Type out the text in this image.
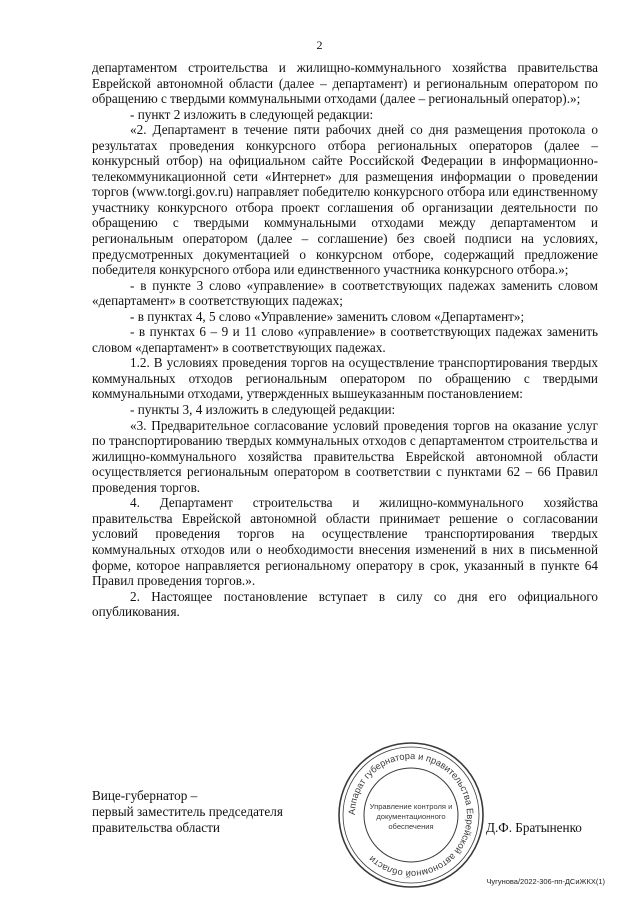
2

департаментом строительства и жилищно-коммунального хозяйства правительства Еврейской автономной области (далее – департамент) и региональным оператором по обращению с твердыми коммунальными отходами (далее – региональный оператор).»;

- пункт 2 изложить в следующей редакции:

«2. Департамент в течение пяти рабочих дней со дня размещения протокола о результатах проведения конкурсного отбора региональных операторов (далее – конкурсный отбор) на официальном сайте Российской Федерации в информационно-телекоммуникационной сети «Интернет» для размещения информации о проведении торгов (www.torgi.gov.ru) направляет победителю конкурсного отбора или единственному участнику конкурсного отбора проект соглашения об организации деятельности по обращению с твердыми коммунальными отходами между департаментом и региональным оператором (далее – соглашение) без своей подписи на условиях, предусмотренных документацией о конкурсном отборе, содержащий предложение победителя конкурсного отбора или единственного участника конкурсного отбора.»;

- в пункте 3 слово «управление» в соответствующих падежах заменить словом «департамент» в соответствующих падежах;

- в пунктах 4, 5 слово «Управление» заменить словом «Департамент»;

- в пунктах 6 – 9 и 11 слово «управление» в соответствующих падежах заменить словом «департамент» в соответствующих падежах.

1.2. В условиях проведения торгов на осуществление транспортирования твердых коммунальных отходов региональным оператором по обращению с твердыми коммунальными отходами, утвержденных вышеуказанным постановлением:

- пункты 3, 4 изложить в следующей редакции:

«3. Предварительное согласование условий проведения торгов на оказание услуг по транспортированию твердых коммунальных отходов с департаментом строительства и жилищно-коммунального хозяйства правительства Еврейской автономной области осуществляется региональным оператором в соответствии с пунктами 62 – 66 Правил проведения торгов.

4. Департамент строительства и жилищно-коммунального хозяйства правительства Еврейской автономной области принимает решение о согласовании условий проведения торгов на осуществление транспортирования твердых коммунальных отходов или о необходимости внесения изменений в них в письменной форме, которое направляется региональному оператору в срок, указанный в пункте 64 Правил проведения торгов.».

2. Настоящее постановление вступает в силу со дня его официального опубликования.

Вице-губернатор –
первый заместитель председателя
правительства области
Аппарат губернатора и правительства Еврейской автономной области
Управление контроля и
документационного
обеспечения	Д.Ф. Братыненко
Чугунова/2022-306-пп-ДСиЖКХ(1)
